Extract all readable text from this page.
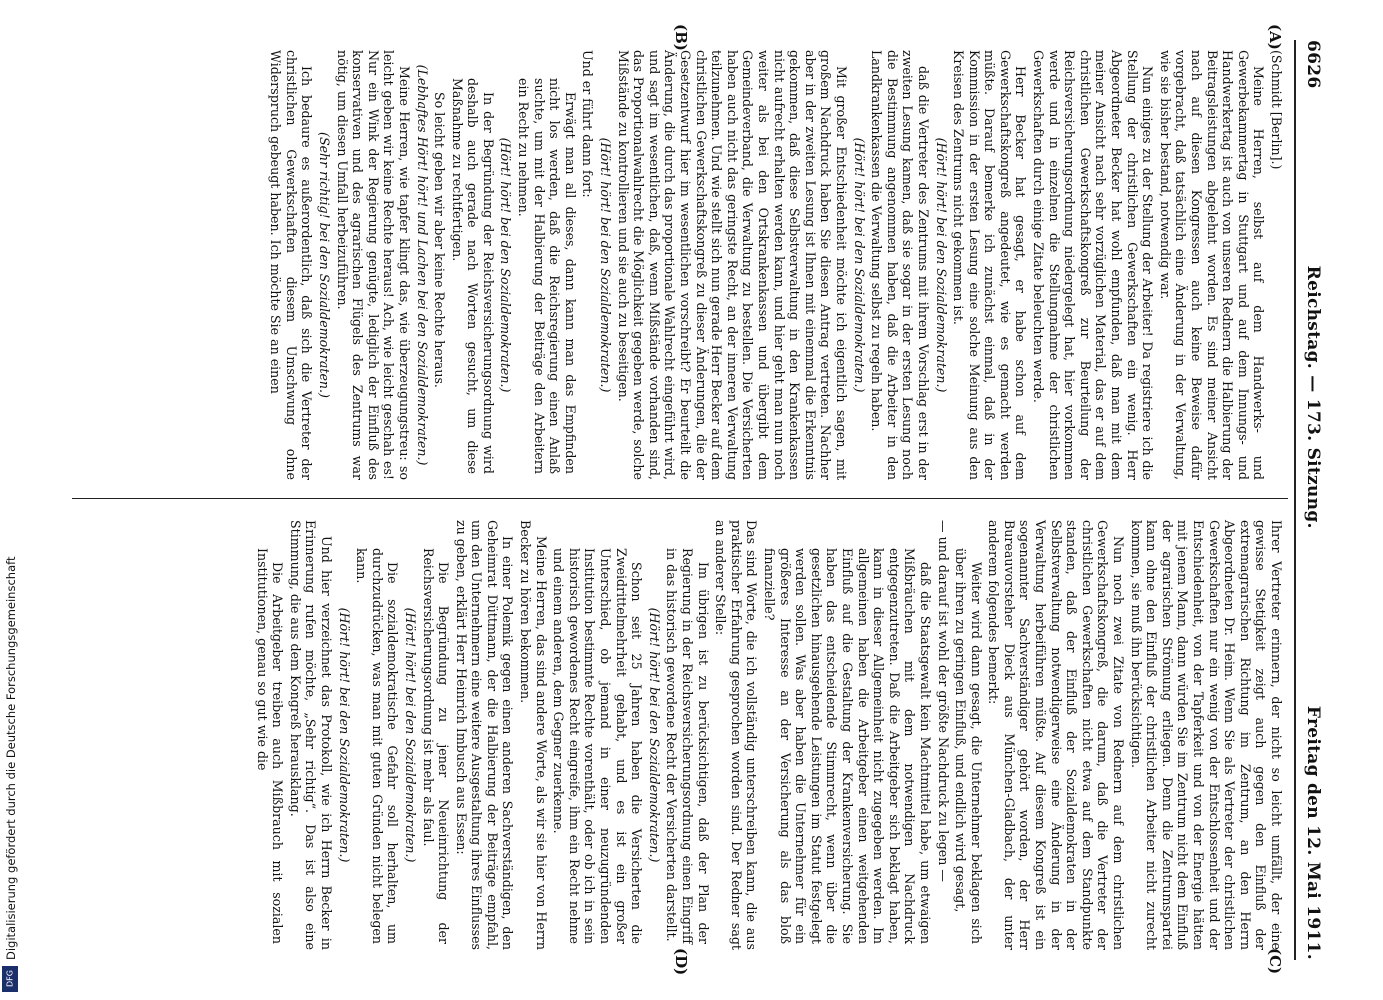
6626
Reichstag. — 173. Sitzung.
Freitag den 12. Mai 1911.
(A)
(B)
(C)
(D)

(Schmidt [Berlin].)

Meine Herren, selbst auf dem Handwerks- und Gewerbekammertag in Stuttgart und auf dem Innungs- und Handwerkertag ist auch von unseren Rednern die Halbierung der Beitragsleistungen abgelehnt worden. Es sind meiner Ansicht nach auf diesen Kongressen auch keine Beweise dafür vorgebracht, daß tatsächlich eine Änderung in der Verwaltung, wie sie bisher bestand, notwendig war.

Nun einiges zu der Stellung der Arbeiter! Da registriere ich die Stellung der christlichen Gewerkschaften ein wenig. Herr Abgeordneter Becker hat wohl empfunden, daß man mit dem meiner Ansicht nach sehr vorzüglichen Material, das er auf dem christlichen Gewerkschaftskongreß zur Beurteilung der Reichsversicherungsordnung niedergelegt hat, hier vorkommen werde und in einzelnen die Stellungnahme der christlichen Gewerkschaften durch einige Zitate beleuchten werde.

Herr Becker hat gesagt, er habe schon auf dem Gewerkschaftskongreß angedeutet, wie es gemacht werden müßte. Darauf bemerke ich zunächst einmal, daß in der Kommission in der ersten Lesung eine solche Meinung aus den Kreisen des Zentrums nicht gekommen ist.

(Hört! hört! bei den Sozialdemokraten.)

daß die Vertreter des Zentrums mit ihrem Vorschlag erst in der zweiten Lesung kamen, daß sie sogar in der ersten Lesung noch die Bestimmung angenommen haben, daß die Arbeiter in den Landkrankenkassen die Verwaltung selbst zu regeln haben.

(Hört! hört! bei den Sozialdemokraten.)

Mit großer Entschiedenheit möchte ich eigentlich sagen, mit großem Nachdruck haben Sie diesen Antrag vertreten. Nachher aber in der zweiten Lesung ist Ihnen mit einemmal die Erkenntnis gekommen, daß diese Selbstverwaltung in den Krankenkassen nicht aufrecht erhalten werden kann, und hier geht man nun noch weiter als bei den Ortskrankenkassen und übergibt dem Gemeindeverband, die Verwaltung zu bestellen. Die Versicherten haben auch nicht das geringste Recht, an der inneren Verwaltung teilzunehmen. Und wie stellt sich nun gerade Herr Becker auf dem christlichen Gewerkschaftskongreß zu dieser Änderungen, die der Gesetzentwurf hier im wesentlichen vorschreibt? Er beurteilt die Änderung, die durch das proportionale Wahlrecht eingeführt wird, und sagt im wesentlichen, daß, wenn Mißstände vorhanden sind, das Proportionalwahlrecht die Möglichkeit gegeben werde, solche Mißstände zu kontrollieren und sie auch zu beseitigen.

(Hört! hört! bei den Sozialdemokraten.)

Und er führt dann fort:

Erwägt man all dieses, dann kann man das Empfinden nicht los werden, daß die Reichsregierung einen Anlaß suchte, um mit der Halbierung der Beiträge den Arbeitern ein Recht zu nehmen.

(Hört! hört! bei den Sozialdemokraten.)

In der Begründung der Reichsversicherungsordnung wird deshalb auch gerade nach Worten gesucht, um diese Maßnahme zu rechtfertigen.

So leicht geben wir aber keine Rechte heraus.

(Lebhaftes Hört! hört! und Lachen bei den Sozialdemokraten.)

Meine Herren, wie tapfer klingt das, wie überzeugungstreu: so leicht geben wir keine Rechte heraus! Ach, wie leicht geschah es! Nur ein Wink der Regierung genügte, lediglich der Einfluß des konservativen und des agrarischen Flügels des Zentrums war nötig, um diesen Umfall herbeizuführen.

(Sehr richtig! bei den Sozialdemokraten.)

Ich bedaure es außerordentlich, daß sich die Vertreter der christlichen Gewerkschaften diesem Umschwung ohne Widerspruch gebeugt haben. Ich möchte Sie an einen

Ihrer Vertreter erinnern, der nicht so leicht umfällt, der eine gewisse Stetigkeit zeigt auch gegen den Einfluß der extremagrarischen Richtung im Zentrum, an den Herrn Abgeordneten Dr. Heim. Wenn Sie als Vertreter der christlichen Gewerkschaften nur ein wenig von der Entschlossenheit und der Entschiedenheit, von der Tapferkeit und von der Energie hätten mit jenem Mann, dann würden Sie im Zentrum nicht dem Einfluß der agrarischen Strömung erliegen. Denn die Zentrumspartei kann ohne den Einfluß der christlichen Arbeiter nicht zurecht kommen, sie muß ihn berücksichtigen.

Nun noch zwei Zitate von Rednern auf dem christlichen Gewerkschaftskongreß, die darum, daß die Vertreter der christlichen Gewerkschaften nicht etwa auf dem Standpunkte standen, daß der Einfluß der Sozialdemokraten in der Selbstverwaltung notwendigerweise eine Änderung in der Verwaltung herbeiführen müßte. Auf diesem Kongreß ist ein sogenannter Sachverständiger gehört worden, der Herr Bureauvorsteher Dieck aus München-Gladbach, der unter anderem folgendes bemerkt:

Weiter wird dann gesagt, die Unternehmer beklagen sich über ihren zu geringen Einfluß, und endlich wird gesagt,

— und darauf ist wohl der größte Nachdruck zu legen —

daß die Staatsgewalt kein Machtmittel habe, um etwaigen Mißbräuchen mit dem notwendigen Nachdruck entgegenzutreten. Daß die Arbeitgeber sich beklagt haben, kann in dieser Allgemeinheit nicht zugegeben werden. Im allgemeinen haben die Arbeitgeber einen weitgehenden Einfluß auf die Gestaltung der Krankenversicherung. Sie haben das entscheidende Stimmrecht, wenn über die gesetzlichen hinausgehende Leistungen im Statut festgelegt werden sollen. Was aber haben die Unternehmer für ein größeres Interesse an der Versicherung als das bloß finanzielle?

Das sind Worte, die ich vollständig unterschreiben kann, die aus praktischer Erfahrung gesprochen worden sind. Der Redner sagt an anderer Stelle:

Im übrigen ist zu berücksichtigen, daß der Plan der Regierung in der Reichsversicherungsordnung einen Eingriff in das historisch gewordene Recht der Versicherten darstellt.

(Hört! hört! bei den Sozialdemokraten.)

Schon seit 25 Jahren haben die Versicherten die Zweidrittelmehrheit gehabt, und es ist ein großer Unterschied, ob jemand in einer neuzugründenden Institution bestimmte Rechte vorenthält, oder ob ich in sein historisch gewordenes Recht eingreife, ihm ein Recht nehme und einem anderen, dem Gegner zuerkenne.

Meine Herren, das sind andere Worte, als wir sie hier von Herrn Becker zu hören bekommen.

In einer Polemik gegen einen anderen Sachverständigen, den Geheimrat Düttmann, der die Halbierung der Beiträge empfahl, um den Unternehmern eine weitere Ausgestaltung ihres Einflusses zu geben, erklärt Herr Heinrich Imbusch aus Essen:

Die Begründung zu jener Neueinrichtung der Reichsversicherungsordnung ist mehr als faul.

(Hört! hört! bei den Sozialdemokraten.)

Die sozialdemokratische Gefahr soll herhalten, um durchzudrücken, was man mit guten Gründen nicht belegen kann.

(Hört! hört! bei den Sozialdemokraten.)

Und hier verzeichnet das Protokoll, wie ich Herrn Becker in Erinnerung rufen möchte, „Sehr richtig“. Das ist also eine Stimmung, die aus dem Kongreß herausklang.

Die Arbeitgeber treiben auch Mißbrauch mit sozialen Institutionen, genau so gut wie die

Digitalisierung gefördert durch die Deutsche Forschungsgemeinschaft
DFG
